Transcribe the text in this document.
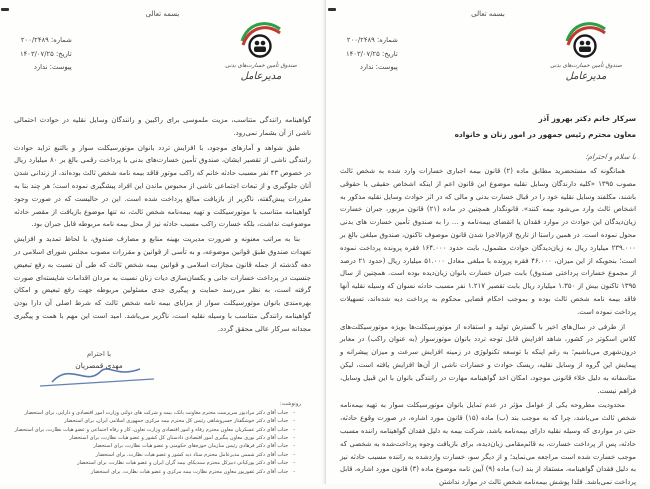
بسمه تعالی
شماره: ۲۰۰/۲۴۸۹
تاریخ: ۱۴۰۳/۰۷/۲۵
پیوست: ندارد	صندوق تأمین خسارت‌های بدنی
مدیرعامل

گواهینامه رانندگی متناسب، مزیت ملموسی برای راکبین و رانندگان وسایل نقلیه در حوادث احتمالی ناشی از آن بشمار نمی‌رود.

طبق شواهد و آمارهای موجود، با افزایش تردد بانوان موتورسیکلت سوار و بالتبع تزاید حوادث رانندگی ناشی از تقصیر ایشان، صندوق تأمین خسارت‌های بدنی با پرداخت رقمی بالغ بر ۸۰ میلیارد ریال در خصوص ۴۳ نفر مسبب حادثه خانم که راکب موتور فاقد بیمه نامه شخص ثالث بوده‌اند، از زندانی شدن آنان جلوگیری و از تبعات اجتماعی ناشی از محبوس ماندن این افراد پیشگیری نموده است؛ هر چند بنا به مقررات پیش‌گفته، ناگزیر از بازیافت مبالغ پرداخت شده است. این در حالیست که در صورت وجود گواهینامه متناسب با موتورسیکلت و تهیه بیمه‌نامه شخص ثالث، نه تنها موضوع بازیافت از مقصر حادثه موضوعیت نداشت، بلکه خسارت راکب مسبب حادثه نیز از محل بیمه نامه مربوطه قابل جبران بود.

بنا به مراتب معنونه و ضرورت مدیریت بهینه منابع و مصارف صندوق، با لحاظ تمدید و افزایش تعهدات صندوق طبق قوانین موضوعه، و به تأسی از قوانین و مقررات مصوب مجلس شورای اسلامی در دهه گذشته از جمله قانون مجازات اسلامی و قوانین بیمه شخص ثالث که طی آن نسبت به رفع تبعیض جنسیت در پرداخت خسارات جانی و یکسان‌سازی دیات زنان نسبت به مردان اقدامات شایسته‌ای صورت گرفته است، به نظر می‌رسد حمایت و پیگیری جدی مسئولین مربوطه جهت رفع تبعیض و امکان بهره‌مندی بانوان موتورسیکلت سوار از مزایای بیمه نامه شخص ثالث که شرط اصلی آن دارا بودن گواهینامه رانندگی متناسب با وسیله نقلیه است، ناگزیر می‌باشد. امید است این مهم با همت و پیگیری مجدانه سرکار عالی محقق گردد.

با احترام
مهدی قمصریان
رونوشت:
- جناب آقای دکتر مرادپور سرپرست محترم معاونت بانک، بیمه و شرکت های دولتی وزارت امور اقتصادی و دارایی، برای استحضار
- جناب آقای دکتر خوشگفتار خسروشاهی رئیس کل محترم بیمه مرکزی جمهوری اسلامی ایران، برای استحضار
- جناب آقای دکتر عسکریان معاون محترم رفاه و امور اقتصادی وزارت تعاون، کار و رفاه اجتماعی و عضو هیات نظارت، برای استحضار
- جناب آقای دکتر نوری معاون پیگیری امور اقتصادی دادستان کل کشور و عضو هیات نظارت، برای استحضار
- جناب آقای دکتر فرهادی رئیس سازمان حوزه‌های حکومتی و عضو هیات نظارت، برای استحضار
- جناب آقای دکتر شمس مدیرعامل محترم ستاد دیه کشور و عضو هیات نظارت، برای استحضار
- جناب آقای دکتر پورکیانی دبیرکل محترم سندیکای بیمه گران ایران و عضو هیات نظارت، برای استحضار
- جناب آقای دکتر غفورپور معاون محترم نظارت بیمه مرکزی و عضو هیات نظارت، برای استحضار
بسمه تعالی
شماره: ۲۰۰/۲۴۸۹
تاریخ: ۱۴۰۳/۰۷/۲۵
پیوست: ندارد	صندوق تأمین خسارت‌های بدنی
مدیرعامل
سرکار خانم دکتر بهروز آذر
معاون محترم رئیس جمهور در امور زنان و خانواده
با سلام و احترام؛

همانگونه که مستحضرید مطابق ماده (۲) قانون بیمه اجباری خسارات وارد شده به شخص ثالث مصوب ۱۳۹۵ «کلیه دارندگان وسایل نقلیه موضوع این قانون اعم از اینکه اشخاص حقیقی یا حقوقی باشند، مکلفند وسایل نقلیه خود را در قبال خسارت بدنی و مالی که در اثر حوادث وسایل نقلیه مذکور به اشخاص ثالث وارد می‌شود بیمه کنند». قانونگذار همچنین در ماده (۲۱) قانون مزبور، جبران خسارت زیان‌دیدگان این حوادث در موارد فقدان یا انقضای بیمه‌نامه و … را به صندوق تأمین خسارت های بدنی محول نموده است. در همین راستا از تاریخ لازم‌الاجرا شدن قانون موصوف تاکنون، صندوق مبلغی بالغ بر ۲۳۹.۰۰۰ میلیارد ریال به زیان‌دیدگان حوادث مشمول، بابت حدود ۱۶۴.۰۰۰ فقره پرونده پرداخت نموده است؛ بنحویکه از این میزان، ۴۶.۰۰۰ فقره پرونده با مبلغی معادل ۵۱.۰۰۰ میلیارد ریال (حدود ۲۱ درصد از مجموع خسارات پرداختی صندوق) بابت جبران خسارت بانوان زیان‌دیده بوده است. همچنین از سال ۱۳۹۵ تاکنون بیش از ۱.۳۵۰ میلیارد ریال بابت تقصیر ۱.۲۱۷ نفر مسبب حادثه نسوان که وسیله نقلیه آنها فاقد بیمه نامه شخص ثالث بوده و بموجب احکام قضایی محکوم به پرداخت دیه شده‌اند، تسهیلات پرداخت نموده است.

از طرفی در سال‌های اخیر با گسترش تولید و استفاده از موتورسیکلت‌ها بویژه موتورسیکلت‌های کلاس اسکوتر در کشور، شاهد افزایش قابل توجه تردد بانوان موتورسوار (به عنوان راکب) در معابر درون‌شهری می‌باشیم؛ به رغم اینکه با توسعه تکنولوژی در زمینه افزایش سرعت و میزان پیشرانه و پیمایش این گروه از وسایل نقلیه، ریسک حوادث و خسارات ناشی از آن‌ها افزایش یافته است، لیکن متاسفانه به دلیل خلاء قانونی موجود، امکان اخذ گواهینامه مهارت در رانندگی بانوان با این قبیل وسایل، فراهم نیست.

محدودیت مطروحه یکی از عوامل مؤثر در عدم تمایل بانوان موتورسیکلت سوار به تهیه بیمه‌نامه شخص ثالث می‌باشد، چرا که به موجب بند (ب) ماده (۱۵) قانون مورد اشاره، در صورت وقوع حادثه، حتی در مواردی که وسیله نقلیه دارای بیمه‌نامه باشد، شرکت بیمه به دلیل فقدان گواهینامه راننده مسبب حادثه، پس از پرداخت خسارت، به قائم‌مقامی زیان‌دیده، برای بازیافت وجوه پرداخت‌شده به شخصی که موجب خسارت شده است مراجعه می‌نماید؛ و از دیگر سو، خسارت واردشده به راننده مسبب حادثه نیز به دلیل فقدان گواهینامه، مستفاد از بند (ب) ماده (۹) آیین نامه موضوع ماده (۳) قانون مورد اشاره، قابل پرداخت نمی‌باشد. فلذا پوشش بیمه‌نامه شخص ثالث در موارد نداشتن
